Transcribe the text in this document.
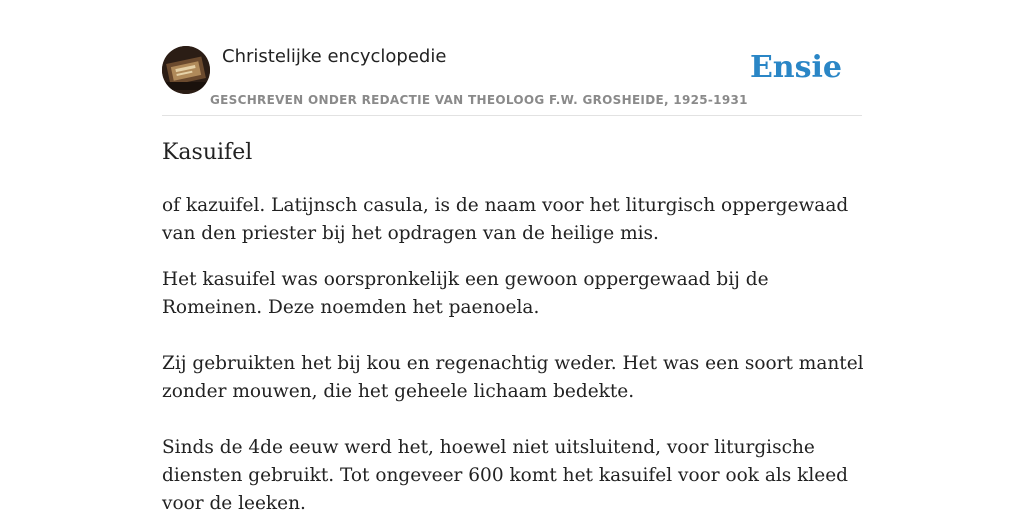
Christelijke encyclopedie
GESCHREVEN ONDER REDACTIE VAN THEOLOOG F.W. GROSHEIDE, 1925-1931
Ensie
Kasuifel

of kazuifel. Latijnsch casula, is de naam voor het liturgisch oppergewaad van den priester bij het opdragen van de heilige mis.

Het kasuifel was oorspronkelijk een gewoon oppergewaad bij de Romeinen. Deze noemden het paenoela.

Zij gebruikten het bij kou en regenachtig weder. Het was een soort mantel zonder mouwen, die het geheele lichaam bedekte.

Sinds de 4de eeuw werd het, hoewel niet uitsluitend, voor liturgische diensten gebruikt. Tot ongeveer 600 komt het kasuifel voor ook als kleed voor de leeken.
